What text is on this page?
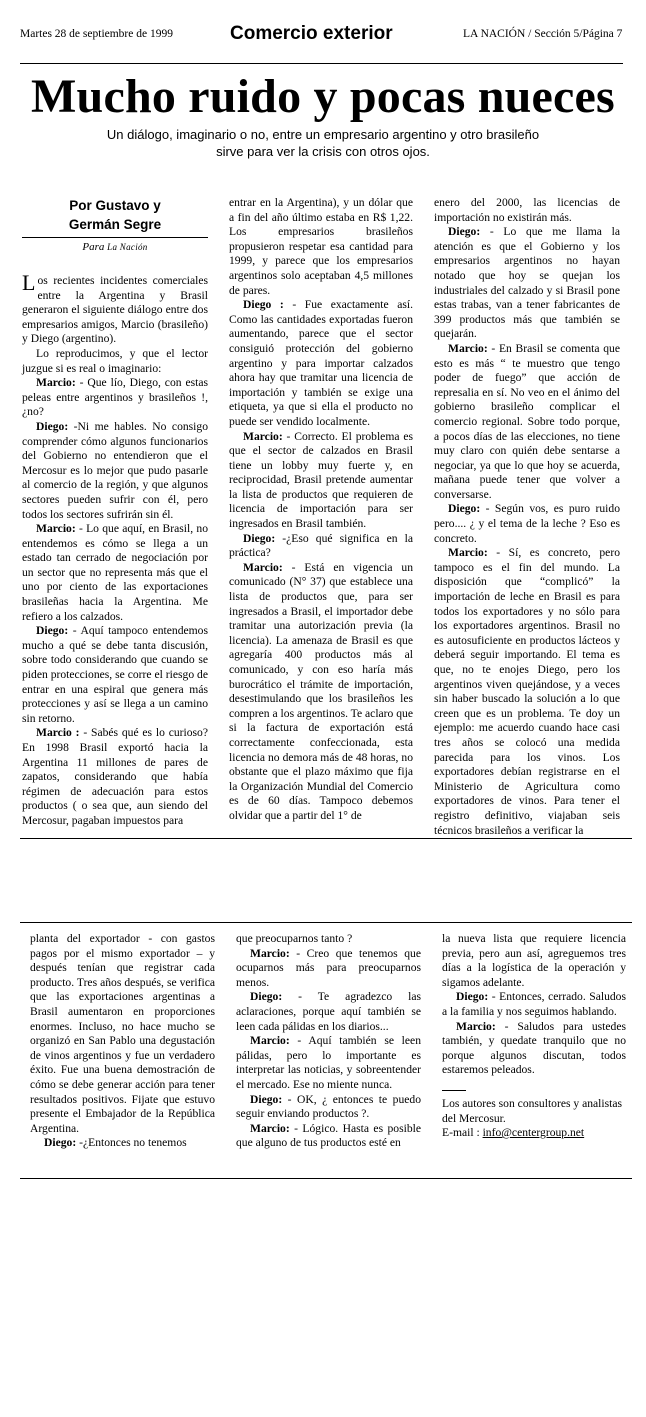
Martes 28 de septiembre de 1999	Comercio exterior	LA NACIÓN / Sección 5/Página 7
Mucho ruido y pocas nueces
Un diálogo, imaginario o no, entre un empresario argentino y otro brasileño
sirve para ver la crisis con otros ojos.
Por Gustavo y
Germán Segre
Para La Nación

Los recientes incidentes comerciales entre la Argentina y Brasil generaron el siguiente diálogo entre dos empresarios amigos, Marcio (brasileño) y Diego (argentino).

Lo reproducimos, y que el lector juzgue si es real o imaginario:

Marcio: - Que lío, Diego, con estas peleas entre argentinos y brasileños !, ¿no?

Diego: -Ni me hables. No consigo comprender cómo algunos funcionarios del Gobierno no entendieron que el Mercosur es lo mejor que pudo pasarle al comercio de la región, y que algunos sectores pueden sufrir con él, pero todos los sectores sufrirán sin él.

Marcio: - Lo que aquí, en Brasil, no entendemos es cómo se llega a un estado tan cerrado de negociación por un sector que no representa más que el uno por ciento de las exportaciones brasileñas hacia la Argentina. Me refiero a los calzados.

Diego: - Aquí tampoco entendemos mucho a qué se debe tanta discusión, sobre todo considerando que cuando se piden protecciones, se corre el riesgo de entrar en una espiral que genera más protecciones y así se llega a un camino sin retorno.

Marcio : - Sabés qué es lo curioso? En 1998 Brasil exportó hacia la Argentina 11 millones de pares de zapatos, considerando que había régimen de adecuación para estos productos ( o sea que, aun siendo del Mercosur, pagaban impuestos para

entrar en la Argentina), y un dólar que a fin del año último estaba en R$ 1,22. Los empresarios brasileños propusieron respetar esa cantidad para 1999, y parece que los empresarios argentinos solo aceptaban 4,5 millones de pares.

Diego : - Fue exactamente así. Como las cantidades exportadas fueron aumentando, parece que el sector consiguió protección del gobierno argentino y para importar calzados ahora hay que tramitar una licencia de importación y también se exige una etiqueta, ya que si ella el producto no puede ser vendido localmente.

Marcio: - Correcto. El problema es que el sector de calzados en Brasil tiene un lobby muy fuerte y, en reciprocidad, Brasil pretende aumentar la lista de productos que requieren de licencia de importación para ser ingresados en Brasil también.

Diego: -¿Eso qué significa en la práctica?

Marcio: - Está en vigencia un comunicado (N° 37) que establece una lista de productos que, para ser ingresados a Brasil, el importador debe tramitar una autorización previa (la licencia). La amenaza de Brasil es que agregaría 400 productos más al comunicado, y con eso haría más burocrático el trámite de importación, desestimulando que los brasileños les compren a los argentinos. Te aclaro que si la factura de exportación está correctamente confeccionada, esta licencia no demora más de 48 horas, no obstante que el plazo máximo que fija la Organización Mundial del Comercio es de 60 días. Tampoco debemos olvidar que a partir del 1° de

enero del 2000, las licencias de importación no existirán más.

Diego: - Lo que me llama la atención es que el Gobierno y los empresarios argentinos no hayan notado que hoy se quejan los industriales del calzado y si Brasil pone estas trabas, van a tener fabricantes de 399 productos más que también se quejarán.

Marcio: - En Brasil se comenta que esto es más “ te muestro que tengo poder de fuego” que acción de represalia en sí. No veo en el ánimo del gobierno brasileño complicar el comercio regional. Sobre todo porque, a pocos días de las elecciones, no tiene muy claro con quién debe sentarse a negociar, ya que lo que hoy se acuerda, mañana puede tener que volver a conversarse.

Diego: - Según vos, es puro ruido pero.... ¿ y el tema de la leche ? Eso es concreto.

Marcio: - Sí, es concreto, pero tampoco es el fin del mundo. La disposición que “complicó” la importación de leche en Brasil es para todos los exportadores y no sólo para los exportadores argentinos. Brasil no es autosuficiente en productos lácteos y deberá seguir importando. El tema es que, no te enojes Diego, pero los argentinos viven quejándose, y a veces sin haber buscado la solución a lo que creen que es un problema. Te doy un ejemplo: me acuerdo cuando hace casi tres años se colocó una medida parecida para los vinos. Los exportadores debían registrarse en el Ministerio de Agricultura como exportadores de vinos. Para tener el registro definitivo, viajaban seis técnicos brasileños a verificar la

planta del exportador - con gastos pagos por el mismo exportador – y después tenían que registrar cada producto. Tres años después, se verifica que las exportaciones argentinas a Brasil aumentaron en proporciones enormes. Incluso, no hace mucho se organizó en San Pablo una degustación de vinos argentinos y fue un verdadero éxito. Fue una buena demostración de cómo se debe generar acción para tener resultados positivos. Fijate que estuvo presente el Embajador de la República Argentina.

Diego: -¿Entonces no tenemos

que preocuparnos tanto ?

Marcio: - Creo que tenemos que ocuparnos más para preocuparnos menos.

Diego: - Te agradezco las aclaraciones, porque aquí también se leen cada pálidas en los diarios...

Marcio: - Aquí también se leen pálidas, pero lo importante es interpretar las noticias, y sobreentender el mercado. Ese no miente nunca.

Diego: - OK, ¿ entonces te puedo seguir enviando productos ?.

Marcio: - Lógico. Hasta es posible que alguno de tus productos esté en

la nueva lista que requiere licencia previa, pero aun así, agreguemos tres días a la logística de la operación y sigamos adelante.

Diego: - Entonces, cerrado. Saludos a la familia y nos seguimos hablando.

Marcio: - Saludos para ustedes también, y quedate tranquilo que no porque algunos discutan, todos estaremos peleados.

Los autores son consultores y analistas del Mercosur.

E-mail : info@centergroup.net
